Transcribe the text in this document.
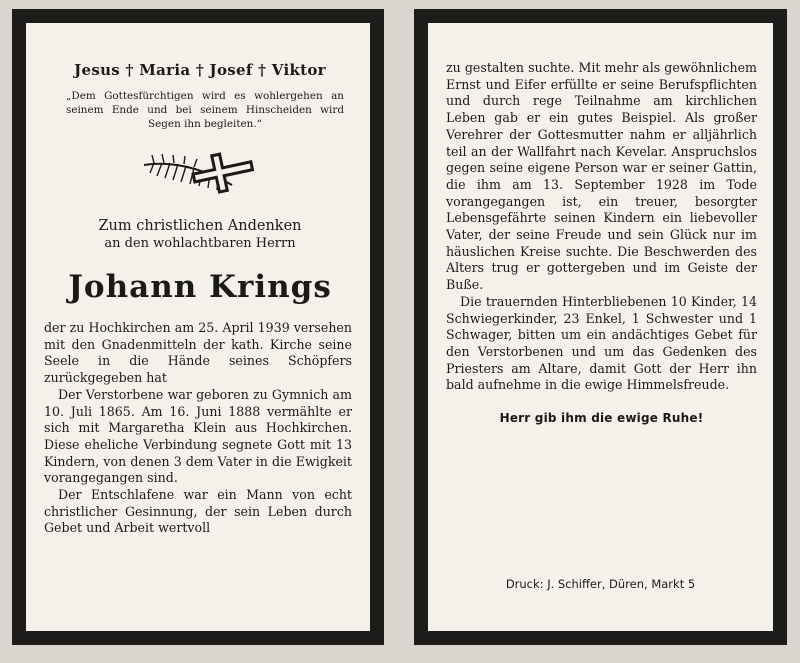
Jesus † Maria † Josef † Viktor
„Dem Gottesfürchtigen wird es wohlergehen an seinem Ende und bei seinem Hinscheiden wird Segen ihn begleiten.“
Zum christlichen Andenken
an den wohlachtbaren Herrn
Johann Krings
der zu Hochkirchen am 25. April 1939 versehen mit den Gnadenmitteln der kath. Kirche seine Seele in die Hände seines Schöpfers zurückgegeben hat
Der Verstorbene war geboren zu Gymnich am 10. Juli 1865. Am 16. Juni 1888 vermählte er sich mit Margaretha Klein aus Hochkirchen. Diese eheliche Verbindung segnete Gott mit 13 Kindern, von denen 3 dem Vater in die Ewigkeit vorangegangen sind.
Der Entschlafene war ein Mann von echt christlicher Gesinnung, der sein Leben durch Gebet und Arbeit wertvoll
zu gestalten suchte. Mit mehr als gewöhnlichem Ernst und Eifer erfüllte er seine Berufspflichten und durch rege Teilnahme am kirchlichen Leben gab er ein gutes Beispiel. Als großer Verehrer der Gottesmutter nahm er alljährlich teil an der Wallfahrt nach Kevelar. Anspruchslos gegen seine eigene Person war er seiner Gattin, die ihm am 13. September 1928 im Tode vorangegangen ist, ein treuer, besorgter Lebensgefährte seinen Kindern ein liebevoller Vater, der seine Freude und sein Glück nur im häuslichen Kreise suchte. Die Beschwerden des Alters trug er gottergeben und im Geiste der Buße.
Die trauernden Hinterbliebenen 10 Kinder, 14 Schwiegerkinder, 23 Enkel, 1 Schwester und 1 Schwager, bitten um ein andächtiges Gebet für den Verstorbenen und um das Gedenken des Priesters am Altare, damit Gott der Herr ihn bald aufnehme in die ewige Himmelsfreude.
Herr gib ihm die ewige Ruhe!
Druck: J. Schiffer, Düren, Markt 5
